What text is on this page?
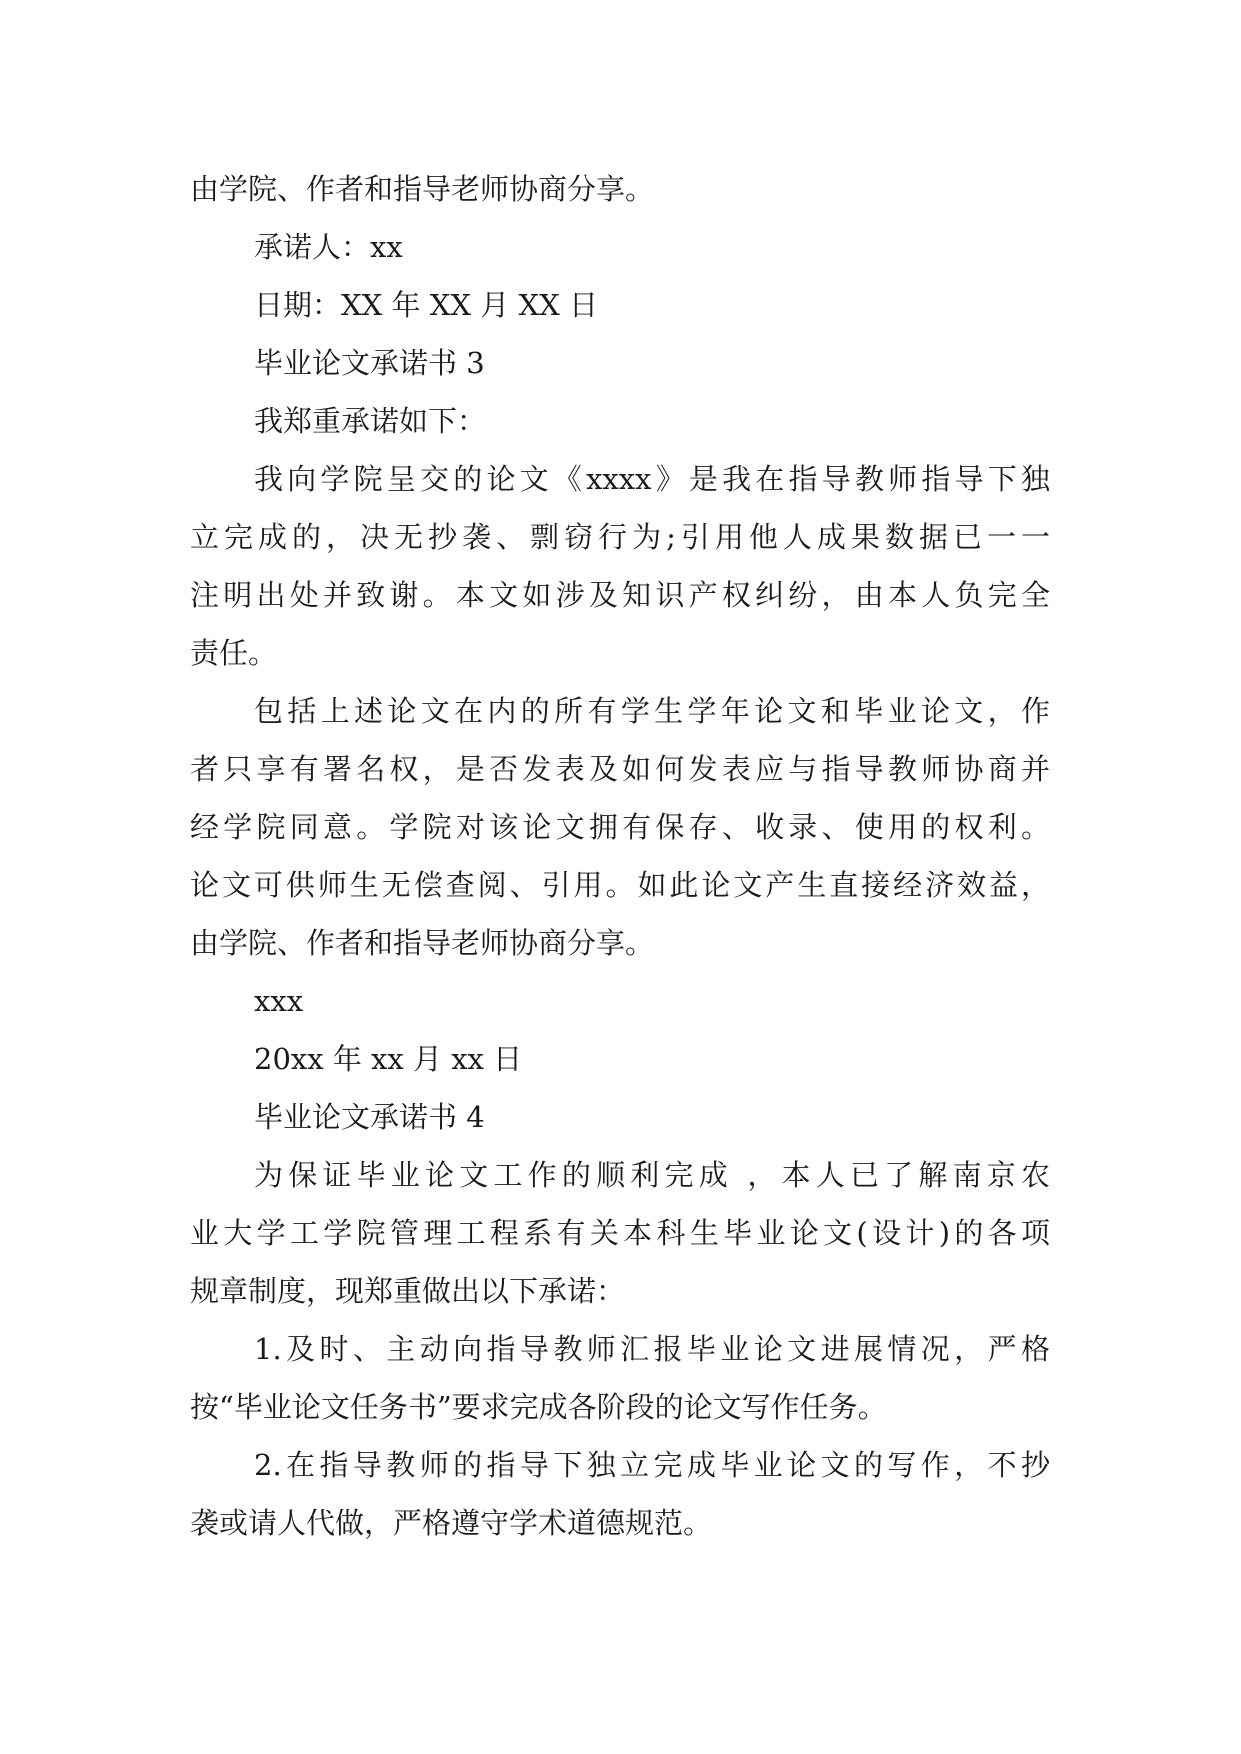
由学院、作者和指导老师协商分享。
承诺人：xx
日期：XX 年 XX 月 XX 日
毕业论文承诺书 3
我郑重承诺如下：
我向学院呈交的论文《xxxx》是我在指导教师指导下独
立完成的，决无抄袭、剽窃行为;引用他人成果数据已一一
注明出处并致谢。本文如涉及知识产权纠纷，由本人负完全
责任。
包括上述论文在内的所有学生学年论文和毕业论文，作
者只享有署名权，是否发表及如何发表应与指导教师协商并
经学院同意。学院对该论文拥有保存、收录、使用的权利。
论文可供师生无偿查阅、引用。如此论文产生直接经济效益，
由学院、作者和指导老师协商分享。
xxx
20xx 年 xx 月 xx 日
毕业论文承诺书 4
为保证毕业论文工作的顺利完成 ，本人已了解南京农
业大学工学院管理工程系有关本科生毕业论文(设计)的各项
规章制度，现郑重做出以下承诺：
1.及时、主动向指导教师汇报毕业论文进展情况，严格
按“毕业论文任务书”要求完成各阶段的论文写作任务。
2.在指导教师的指导下独立完成毕业论文的写作，不抄
袭或请人代做，严格遵守学术道德规范。
